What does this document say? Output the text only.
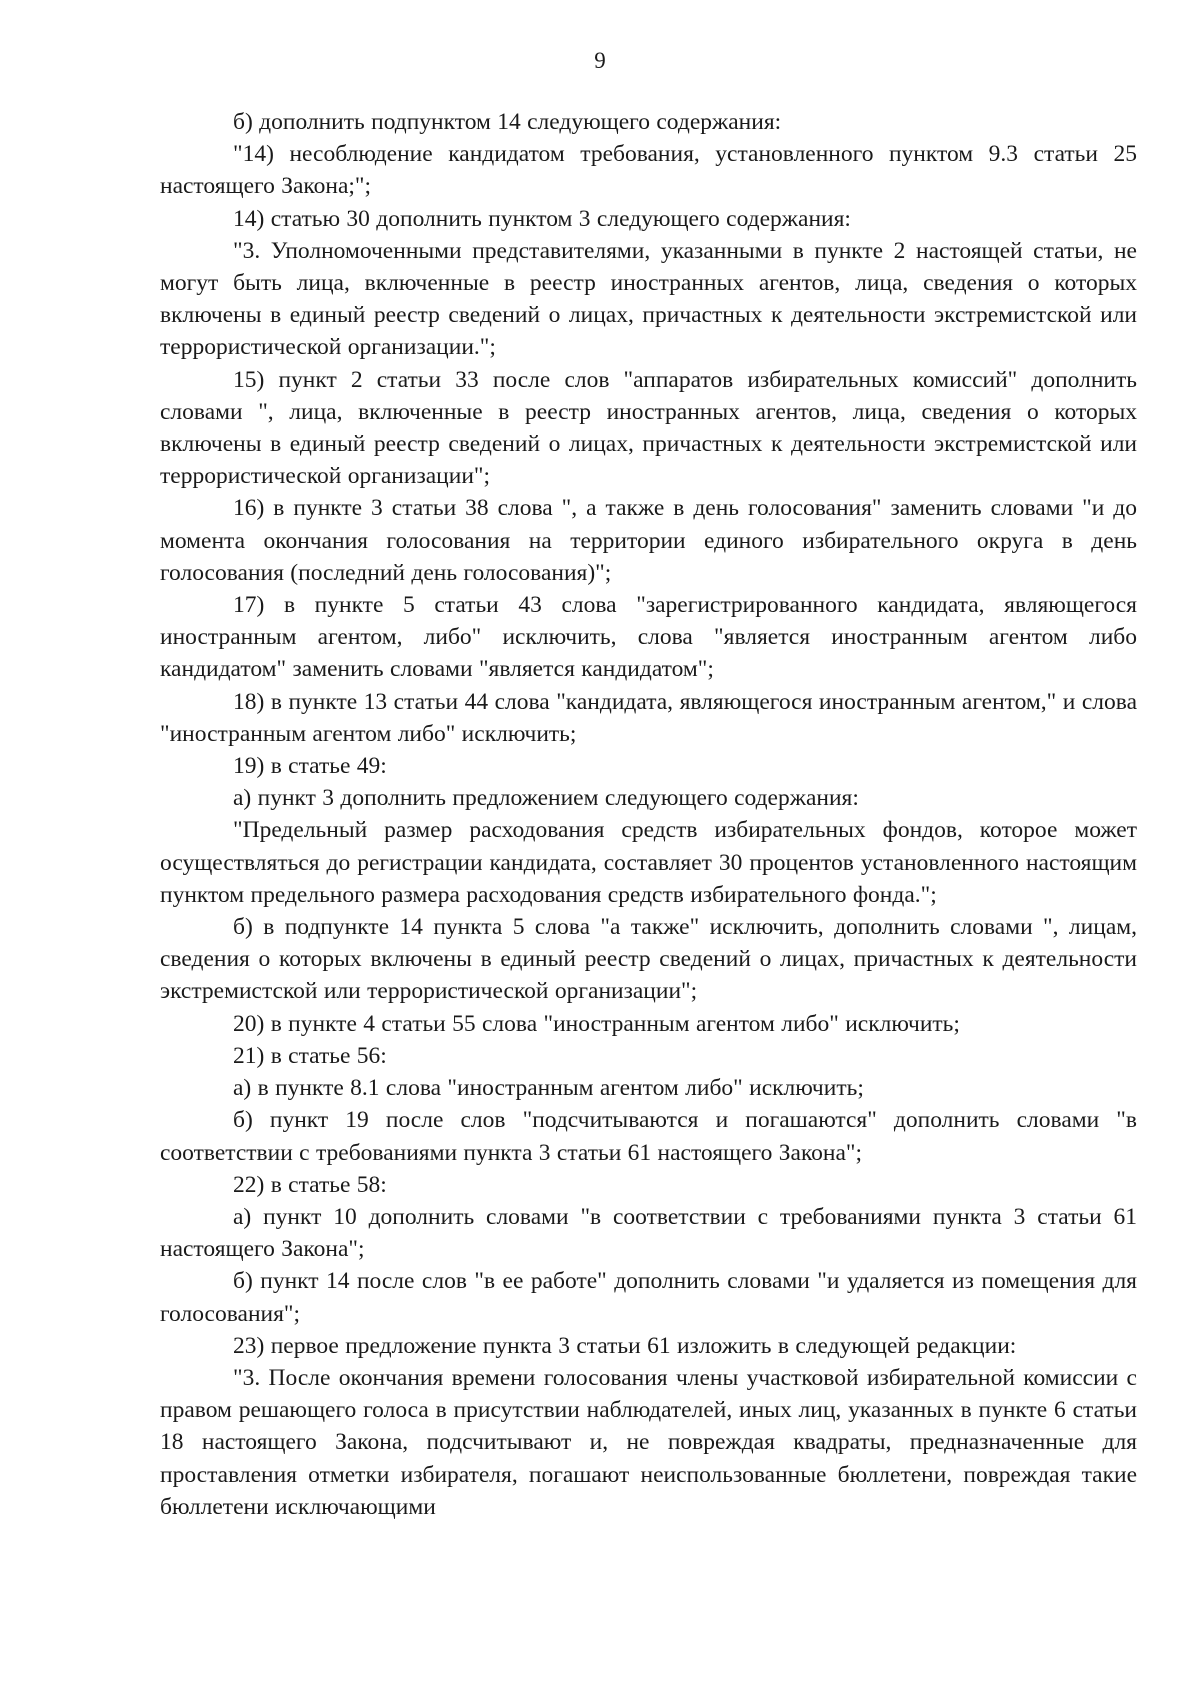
9

б) дополнить подпунктом 14 следующего содержания:

"14) несоблюдение кандидатом требования, установленного пунктом 9.3 статьи 25 настоящего Закона;";

14) статью 30 дополнить пунктом 3 следующего содержания:

"3. Уполномоченными представителями, указанными в пункте 2 настоящей статьи, не могут быть лица, включенные в реестр иностранных агентов, лица, сведения о которых включены в единый реестр сведений о лицах, причастных к деятельности экстремистской или террористической организации.";

15) пункт 2 статьи 33 после слов "аппаратов избирательных комиссий" дополнить словами ", лица, включенные в реестр иностранных агентов, лица, сведения о которых включены в единый реестр сведений о лицах, причастных к деятельности экстремистской или террористической организации";

16) в пункте 3 статьи 38 слова ", а также в день голосования" заменить словами "и до момента окончания голосования на территории единого избирательного округа в день голосования (последний день голосования)";

17) в пункте 5 статьи 43 слова "зарегистрированного кандидата, являющегося иностранным агентом, либо" исключить, слова "является иностранным агентом либо кандидатом" заменить словами "является кандидатом";

18) в пункте 13 статьи 44 слова "кандидата, являющегося иностранным агентом," и слова "иностранным агентом либо" исключить;

19) в статье 49:

а) пункт 3 дополнить предложением следующего содержания:

"Предельный размер расходования средств избирательных фондов, которое может осуществляться до регистрации кандидата, составляет 30 процентов установленного настоящим пунктом предельного размера расходования средств избирательного фонда.";

б) в подпункте 14 пункта 5 слова "а также" исключить, дополнить словами ", лицам, сведения о которых включены в единый реестр сведений о лицах, причастных к деятельности экстремистской или террористической организации";

20) в пункте 4 статьи 55 слова "иностранным агентом либо" исключить;

21) в статье 56:

а) в пункте 8.1 слова "иностранным агентом либо" исключить;

б) пункт 19 после слов "подсчитываются и погашаются" дополнить словами "в соответствии с требованиями пункта 3 статьи 61 настоящего Закона";

22) в статье 58:

а) пункт 10 дополнить словами "в соответствии с требованиями пункта 3 статьи 61 настоящего Закона";

б) пункт 14 после слов "в ее работе" дополнить словами "и удаляется из помещения для голосования";

23) первое предложение пункта 3 статьи 61 изложить в следующей редакции:

"3. После окончания времени голосования члены участковой избирательной комиссии с правом решающего голоса в присутствии наблюдателей, иных лиц, указанных в пункте 6 статьи 18 настоящего Закона, подсчитывают и, не повреждая квадраты, предназначенные для проставления отметки избирателя, погашают неиспользованные бюллетени, повреждая такие бюллетени исключающими
